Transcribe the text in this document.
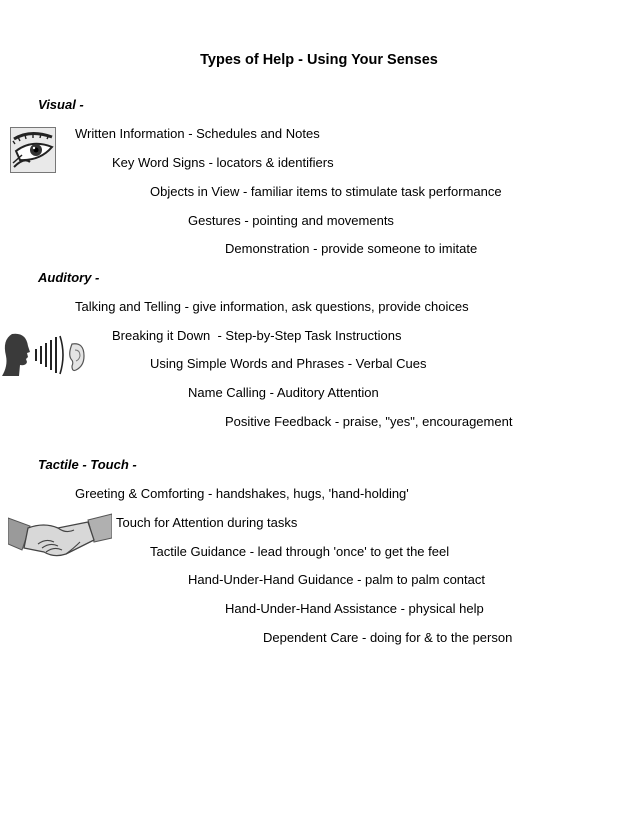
Types of Help - Using Your Senses
Visual -
Written Information - Schedules and Notes
Key Word Signs - locators & identifiers
Objects in View - familiar items to stimulate task performance
Gestures - pointing and movements
Demonstration - provide someone to imitate
Auditory -
Talking and Telling - give information, ask questions, provide choices
Breaking it Down  - Step-by-Step Task Instructions
Using Simple Words and Phrases - Verbal Cues
Name Calling - Auditory Attention
Positive Feedback - praise, "yes", encouragement
Tactile - Touch -
Greeting & Comforting - handshakes, hugs, 'hand-holding'
Touch for Attention during tasks
Tactile Guidance - lead through 'once' to get the feel
Hand-Under-Hand Guidance - palm to palm contact
Hand-Under-Hand Assistance - physical help
Dependent Care - doing for & to the person
